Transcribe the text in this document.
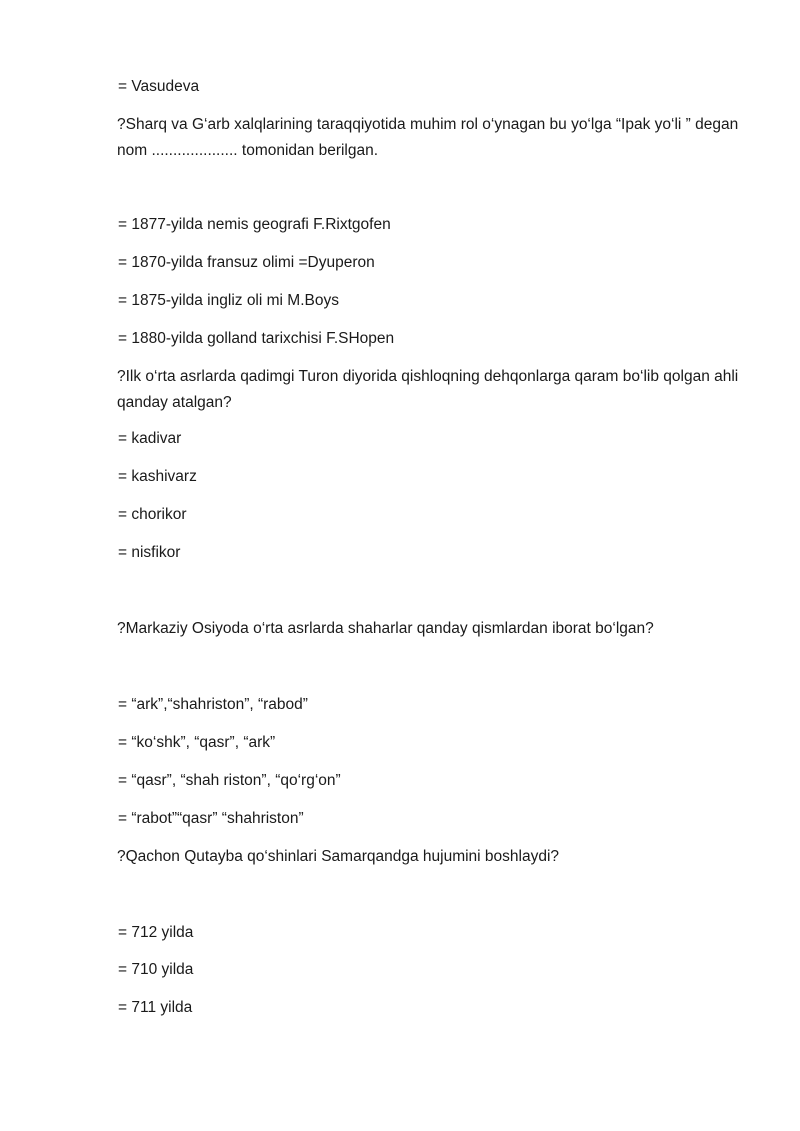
= Vasudeva
?Sharq va G‘arb xalqlarining taraqqiyotida muhim rol o‘ynagan bu yo‘lga “Ipak yo‘li ” degan nom .................... tomonidan berilgan.
= 1877-yilda nemis geografi F.Rixtgofen
= 1870-yilda fransuz olimi =Dyuperon
= 1875-yilda ingliz oli mi M.Boys
= 1880-yilda golland tarixchisi F.SHopen
?Ilk o‘rta asrlarda qadimgi Turon diyorida qishloqning dehqonlarga qaram bo‘lib qolgan ahli qanday atalgan?
= kadivar
= kashivarz
= chorikor
= nisfikor
?Markaziy Osiyoda o‘rta asrlarda shaharlar qanday qismlardan iborat bo‘lgan?
= “ark”,“shahriston”, “rabod”
= “ko‘shk”, “qasr”, “ark”
= “qasr”, “shah riston”, “qo‘rg‘on”
= “rabot”“qasr” “shahriston”
?Qachon Qutayba qo‘shinlari Samarqandga hujumini boshlaydi?
= 712 yilda
= 710 yilda
= 711 yilda
